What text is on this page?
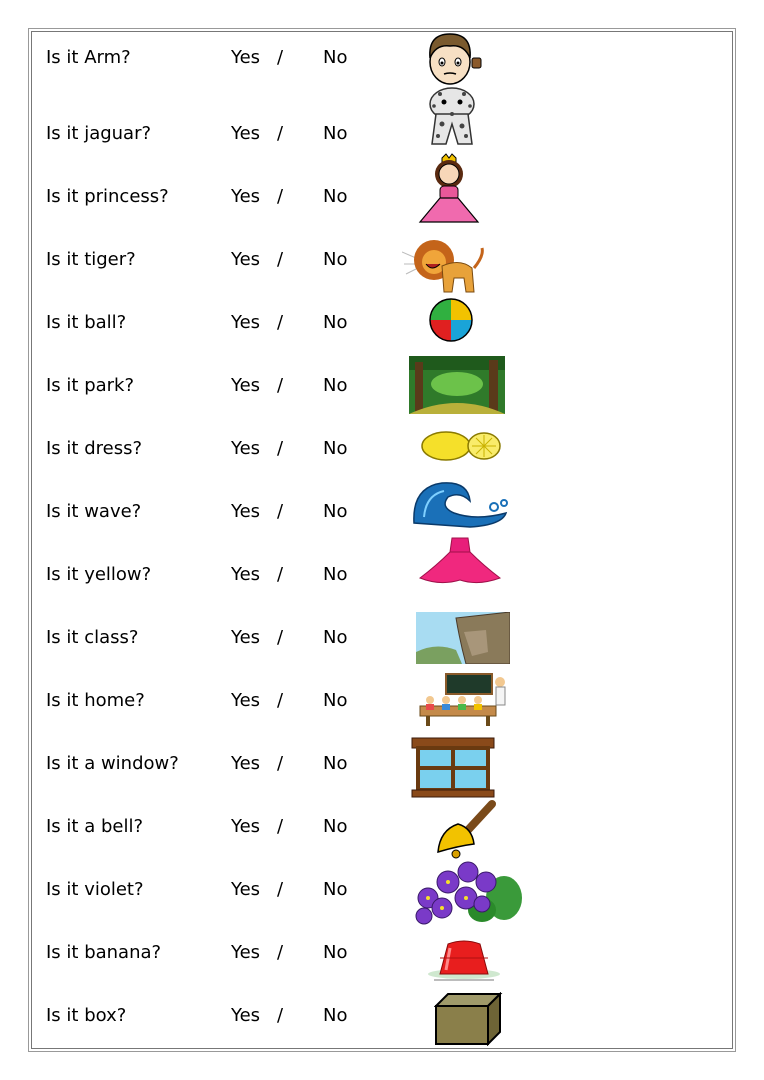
Is it Arm?	Yes / No
Is it jaguar?	Yes / No
Is it princess?	Yes / No
Is it tiger?	Yes / No
Is it ball?	Yes / No
Is it park?	Yes / No
Is it dress?	Yes / No
Is it wave?	Yes / No
Is it yellow?	Yes / No
Is it class?	Yes / No
Is it home?	Yes / No
Is it a window?	Yes / No
Is it a bell?	Yes / No
Is it violet?	Yes / No
Is it banana?	Yes / No
Is it box?	Yes / No
